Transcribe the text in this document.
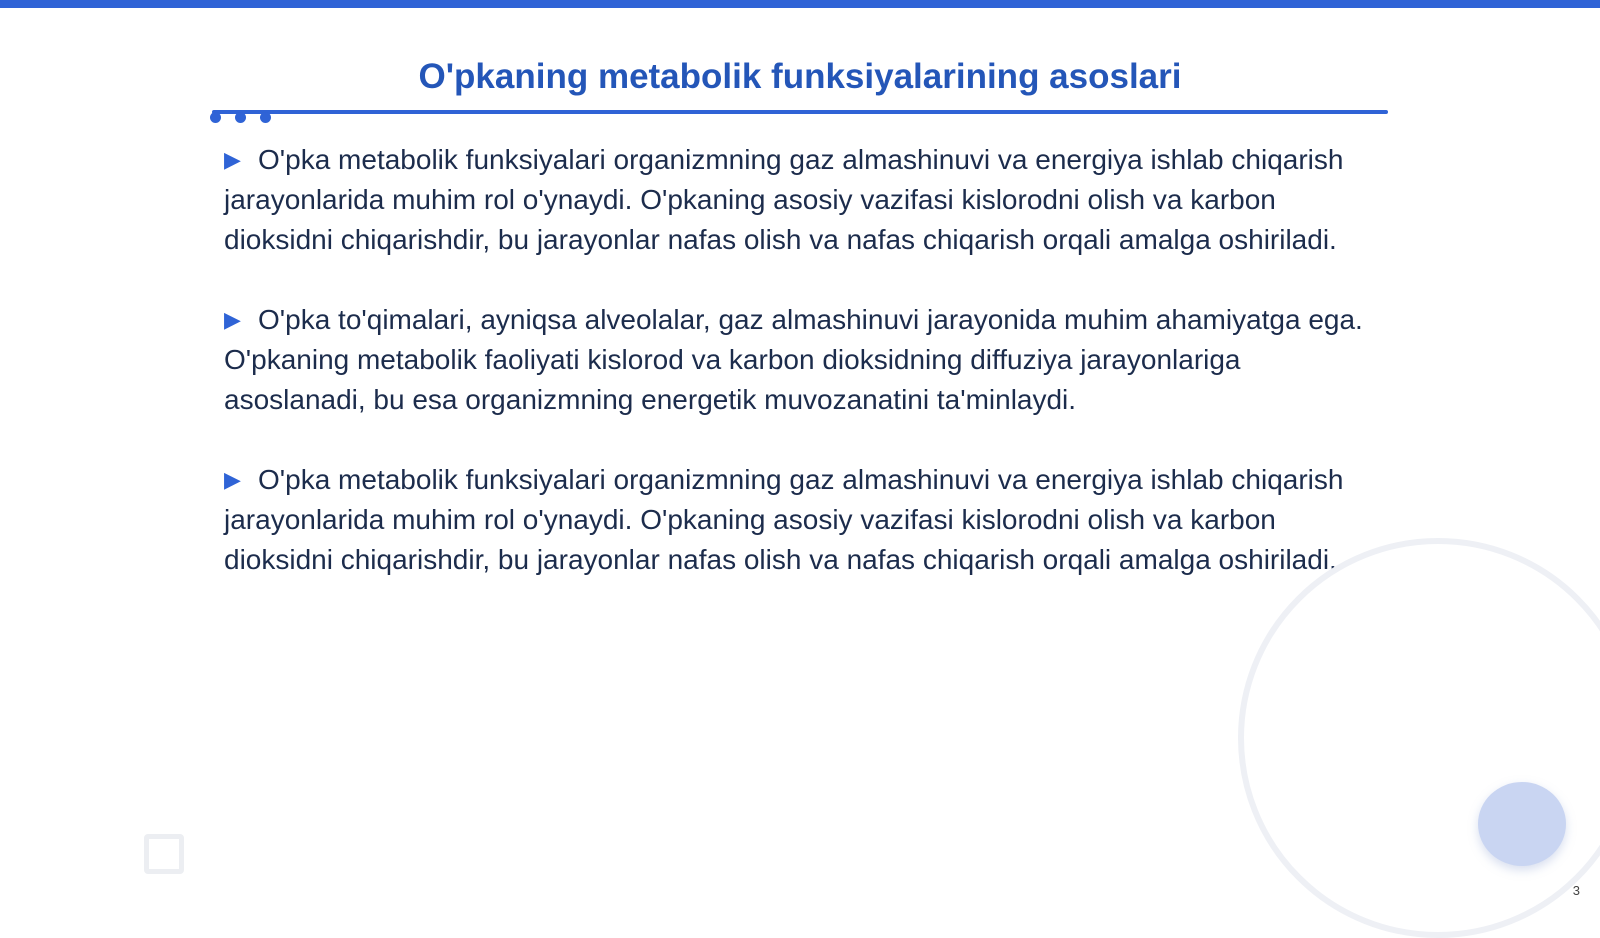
O'pkaning metabolik funksiyalarining asoslari

▶ O'pka metabolik funksiyalari organizmning gaz almashinuvi va energiya ishlab chiqarish jarayonlarida muhim rol o'ynaydi. O'pkaning asosiy vazifasi kislorodni olish va karbon dioksidni chiqarishdir, bu jarayonlar nafas olish va nafas chiqarish orqali amalga oshiriladi.

▶ O'pka to'qimalari, ayniqsa alveolalar, gaz almashinuvi jarayonida muhim ahamiyatga ega. O'pkaning metabolik faoliyati kislorod va karbon dioksidning diffuziya jarayonlariga asoslanadi, bu esa organizmning energetik muvozanatini ta'minlaydi.

▶ O'pka metabolik funksiyalari organizmning gaz almashinuvi va energiya ishlab chiqarish jarayonlarida muhim rol o'ynaydi. O'pkaning asosiy vazifasi kislorodni olish va karbon dioksidni chiqarishdir, bu jarayonlar nafas olish va nafas chiqarish orqali amalga oshiriladi.

3
